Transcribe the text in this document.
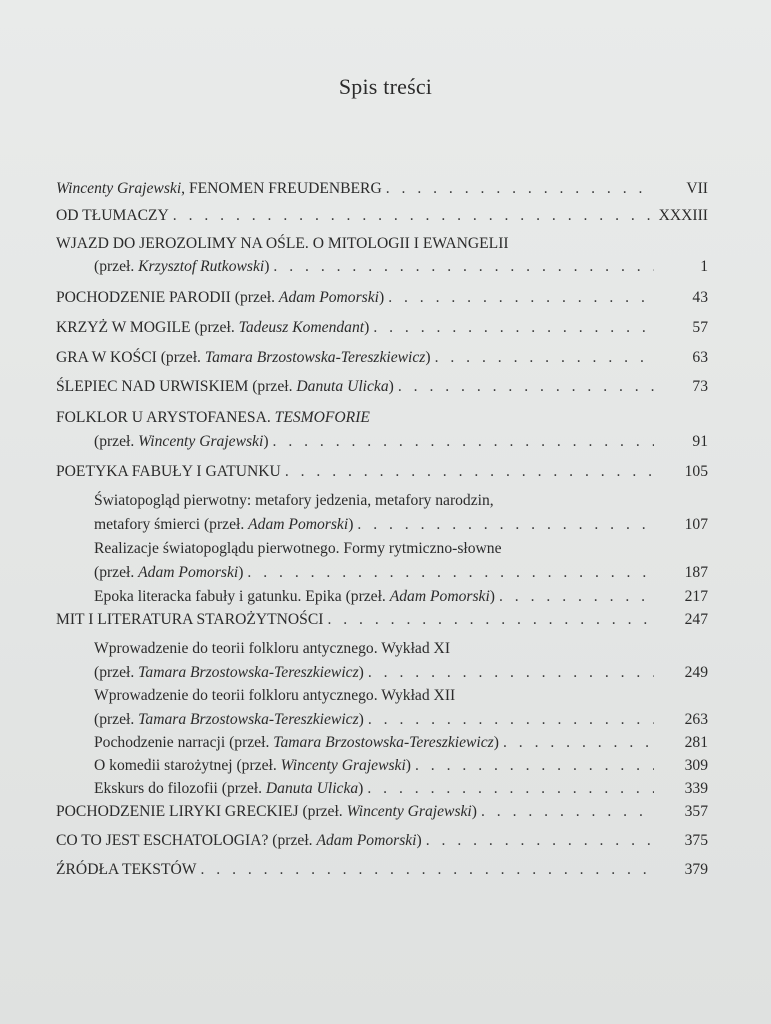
Spis treści
Wincenty Grajewski, FENOMEN FREUDENBERG . . .	VII
OD TŁUMACZY . . .	XXXIII
WJAZD DO JEROZOLIMY NA OŚLE. O MITOLOGII I EWANGELII
(przeł. Krzysztof Rutkowski) . . .	1
POCHODZENIE PARODII (przeł. Adam Pomorski) . . .	43
KRZYŻ W MOGILE (przeł. Tadeusz Komendant) . . .	57
GRA W KOŚCI (przeł. Tamara Brzostowska-Tereszkiewicz) . . .	63
ŚLEPIEC NAD URWISKIEM (przeł. Danuta Ulicka) . . .	73
FOLKLOR U ARYSTOFANESA. TESMOFORIE
(przeł. Wincenty Grajewski) . . .	91
POETYKA FABUŁY I GATUNKU . . .	105
Światopogląd pierwotny: metafory jedzenia, metafory narodzin,
metafory śmierci (przeł. Adam Pomorski) . . .	107
Realizacje światopoglądu pierwotnego. Formy rytmiczno-słowne
(przeł. Adam Pomorski) . . .	187
Epoka literacka fabuły i gatunku. Epika (przeł. Adam Pomorski) . . .	217
MIT I LITERATURA STAROŻYTNOŚCI . . .	247
Wprowadzenie do teorii folkloru antycznego. Wykład XI
(przeł. Tamara Brzostowska-Tereszkiewicz) . . .	249
Wprowadzenie do teorii folkloru antycznego. Wykład XII
(przeł. Tamara Brzostowska-Tereszkiewicz) . . .	263
Pochodzenie narracji (przeł. Tamara Brzostowska-Tereszkiewicz) . . .	281
O komedii starożytnej (przeł. Wincenty Grajewski) . . .	309
Ekskurs do filozofii (przeł. Danuta Ulicka) . . .	339
POCHODZENIE LIRYKI GRECKIEJ (przeł. Wincenty Grajewski) . . .	357
CO TO JEST ESCHATOLOGIA? (przeł. Adam Pomorski) . . .	375
ŹRÓDŁA TEKSTÓW . . .	379
